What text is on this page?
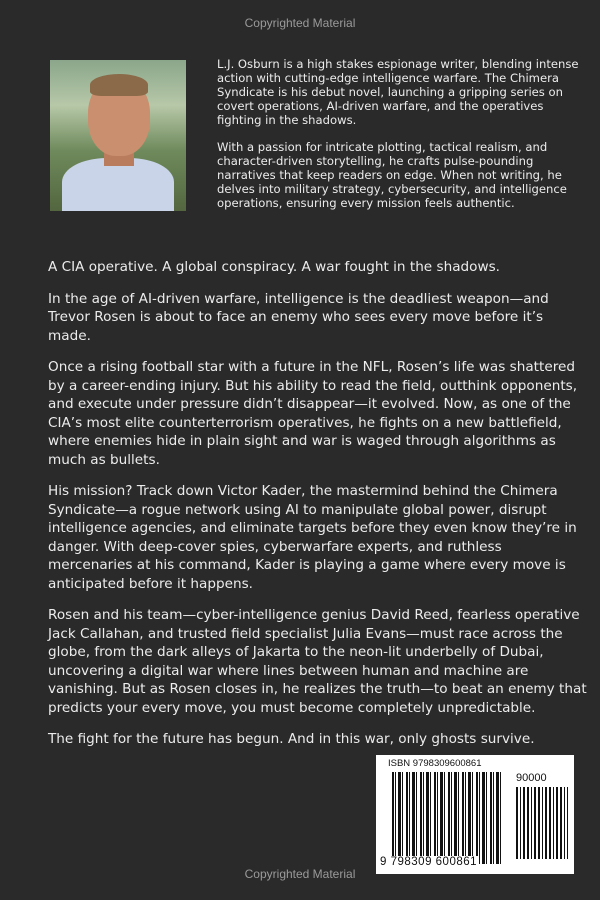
Copyrighted Material

L.J. Osburn is a high stakes espionage writer, blending intense action with cutting-edge intelligence warfare. The Chimera Syndicate is his debut novel, launching a gripping series on covert operations, AI-driven warfare, and the operatives fighting in the shadows.

With a passion for intricate plotting, tactical realism, and character-driven storytelling, he crafts pulse-pounding narratives that keep readers on edge. When not writing, he delves into military strategy, cybersecurity, and intelligence operations, ensuring every mission feels authentic.

A CIA operative. A global conspiracy. A war fought in the shadows.

In the age of AI-driven warfare, intelligence is the deadliest weapon—and Trevor Rosen is about to face an enemy who sees every move before it’s made.

Once a rising football star with a future in the NFL, Rosen’s life was shattered by a career-ending injury. But his ability to read the field, outthink opponents, and execute under pressure didn’t disappear—it evolved. Now, as one of the CIA’s most elite counterterrorism operatives, he fights on a new battlefield, where enemies hide in plain sight and war is waged through algorithms as much as bullets.

His mission? Track down Victor Kader, the mastermind behind the Chimera Syndicate—a rogue network using AI to manipulate global power, disrupt intelligence agencies, and eliminate targets before they even know they’re in danger. With deep-cover spies, cyberwarfare experts, and ruthless mercenaries at his command, Kader is playing a game where every move is anticipated before it happens.

Rosen and his team—cyber-intelligence genius David Reed, fearless operative Jack Callahan, and trusted field specialist Julia Evans—must race across the globe, from the dark alleys of Jakarta to the neon-lit underbelly of Dubai, uncovering a digital war where lines between human and machine are vanishing. But as Rosen closes in, he realizes the truth—to beat an enemy that predicts your every move, you must become completely unpredictable.

The fight for the future has begun. And in this war, only ghosts survive.

ISBN 9798309600861
90000
9 798309 600861
Copyrighted Material
